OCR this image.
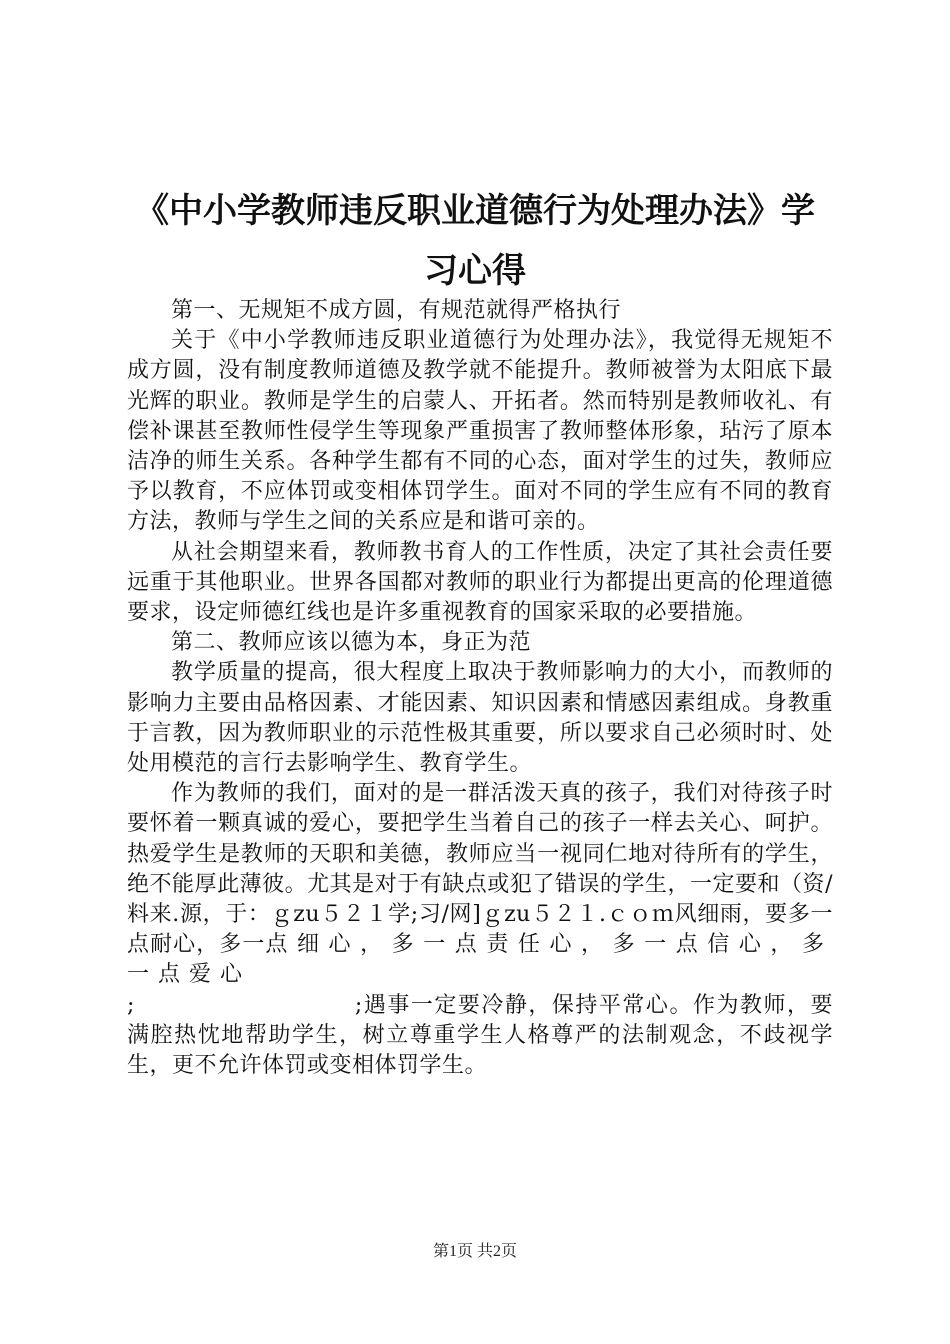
《中小学教师违反职业道德行为处理办法》学
习心得

第一、无规矩不成方圆，有规范就得严格执行

关于《中小学教师违反职业道德行为处理办法》，我觉得无规矩不成方圆，没有制度教师道德及教学就不能提升。教师被誉为太阳底下最光辉的职业。教师是学生的启蒙人、开拓者。然而特别是教师收礼、有偿补课甚至教师性侵学生等现象严重损害了教师整体形象，玷污了原本洁净的师生关系。各种学生都有不同的心态，面对学生的过失，教师应予以教育，不应体罚或变相体罚学生。面对不同的学生应有不同的教育方法，教师与学生之间的关系应是和谐可亲的。

从社会期望来看，教师教书育人的工作性质，决定了其社会责任要远重于其他职业。世界各国都对教师的职业行为都提出更高的伦理道德要求，设定师德红线也是许多重视教育的国家采取的必要措施。

第二、教师应该以德为本，身正为范

教学质量的提高，很大程度上取决于教师影响力的大小，而教师的影响力主要由品格因素、才能因素、知识因素和情感因素组成。身教重于言教，因为教师职业的示范性极其重要，所以要求自己必须时时、处处用模范的言行去影响学生、教育学生。

作为教师的我们，面对的是一群活泼天真的孩子，我们对待孩子时要怀着一颗真诚的爱心，要把学生当着自己的孩子一样去关心、呵护。热爱学生是教师的天职和美德，教师应当一视同仁地对待所有的学生，绝不能厚此薄彼。尤其是对于有缺点或犯了错误的学生，一定要和（资/料来.源，于：ｇzu５２１学;习/网]ｇzu５２１.ｃｏｍ风细雨，要多一点耐心，多一点细心，多一点责任心，多一点信心，多一点爱心
;	;遇事一定要冷静，保持平常心。作为教师，要满腔热忱地帮助学生，树立尊重学生人格尊严的法制观念，不歧视学生，更不允许体罚或变相体罚学生。

第1页 共2页
